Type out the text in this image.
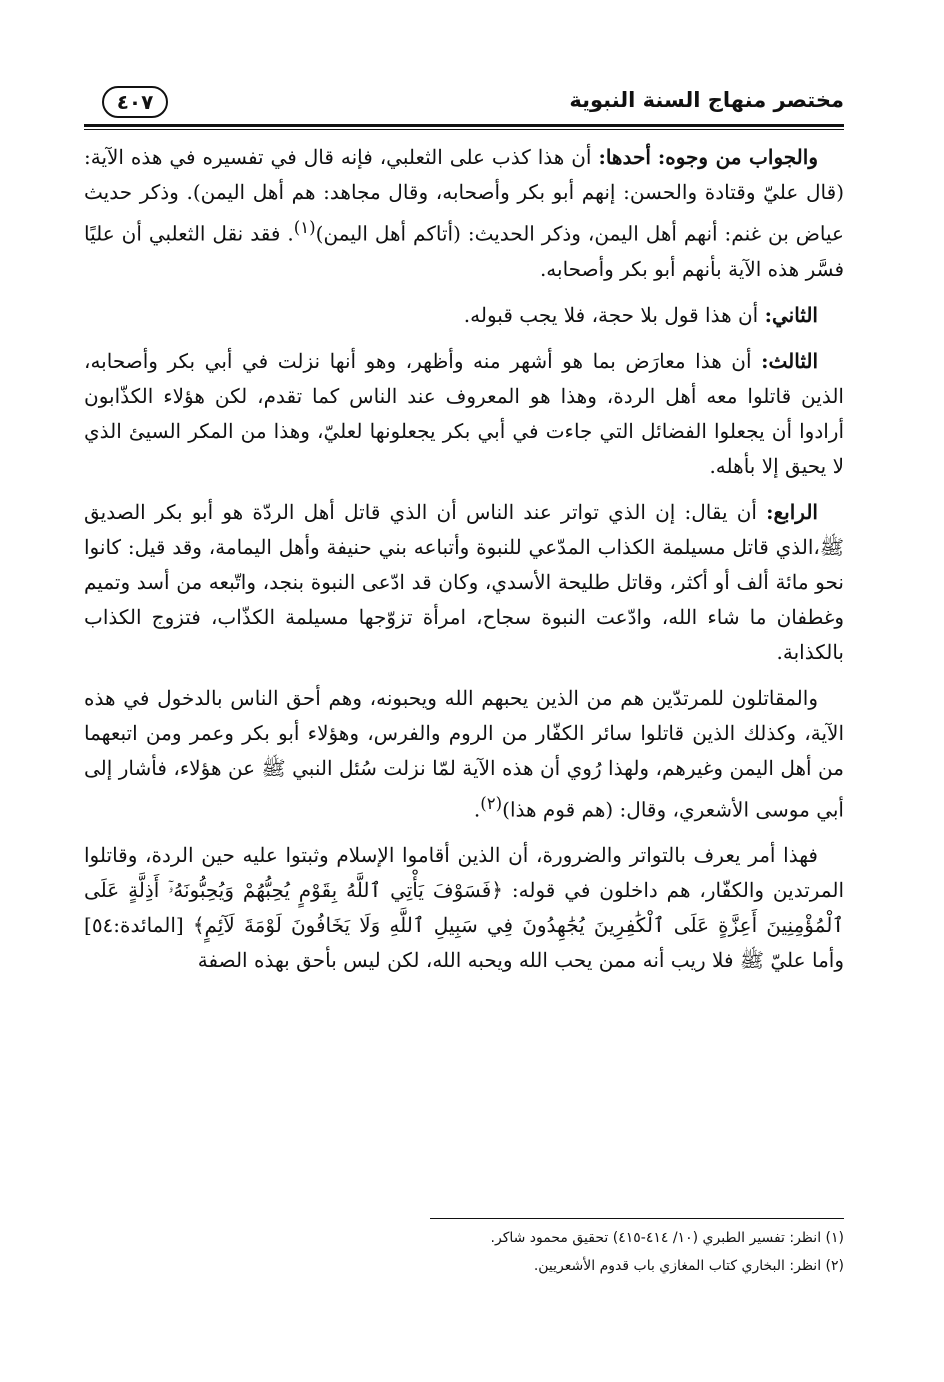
مختصر منهاج السنة النبوية
٤٠٧

والجواب من وجوه: أحدها: أن هذا كذب على الثعلبي، فإنه قال في تفسيره في هذه الآية: (قال عليّ وقتادة والحسن: إنهم أبو بكر وأصحابه، وقال مجاهد: هم أهل اليمن). وذكر حديث عياض بن غنم: أنهم أهل اليمن، وذكر الحديث: (أتاكم أهل اليمن)$^{(١)}$. فقد نقل الثعلبي أن عليًا فسَّر هذه الآية بأنهم أبو بكر وأصحابه.

الثاني: أن هذا قول بلا حجة، فلا يجب قبوله.

الثالث: أن هذا معارَض بما هو أشهر منه وأظهر، وهو أنها نزلت في أبي بكر وأصحابه، الذين قاتلوا معه أهل الردة، وهذا هو المعروف عند الناس كما تقدم، لكن هؤلاء الكذّابون أرادوا أن يجعلوا الفضائل التي جاءت في أبي بكر يجعلونها لعليّ، وهذا من المكر السيئ الذي لا يحيق إلا بأهله.

الرابع: أن يقال: إن الذي تواتر عند الناس أن الذي قاتل أهل الردّة هو أبو بكر الصديق ﷺ،الذي قاتل مسيلمة الكذاب المدّعي للنبوة وأتباعه بني حنيفة وأهل اليمامة، وقد قيل: كانوا نحو مائة ألف أو أكثر، وقاتل طليحة الأسدي، وكان قد ادّعى النبوة بنجد، واتّبعه من أسد وتميم وغطفان ما شاء الله، وادّعت النبوة سجاح، امرأة تزوّجها مسيلمة الكذّاب، فتزوج الكذاب بالكذابة.

والمقاتلون للمرتدّين هم من الذين يحبهم الله ويحبونه، وهم أحق الناس بالدخول في هذه الآية، وكذلك الذين قاتلوا سائر الكفّار من الروم والفرس، وهؤلاء أبو بكر وعمر ومن اتبعهما من أهل اليمن وغيرهم، ولهذا رُوي أن هذه الآية لمّا نزلت سُئل النبي ﷺ عن هؤلاء، فأشار إلى أبي موسى الأشعري، وقال: (هم قوم هذا)$^{(٢)}$.

فهذا أمر يعرف بالتواتر والضرورة، أن الذين أقاموا الإسلام وثبتوا عليه حين الردة، وقاتلوا المرتدين والكفّار، هم داخلون في قوله: ﴿فَسَوْفَ يَأْتِي ٱللَّهُ بِقَوْمٍ يُحِبُّهُمْ وَيُحِبُّونَهُۥٓ أَذِلَّةٍ عَلَى ٱلْمُؤْمِنِينَ أَعِزَّةٍ عَلَى ٱلْكَٰفِرِينَ يُجَٰهِدُونَ فِي سَبِيلِ ٱللَّهِ وَلَا يَخَافُونَ لَوْمَةَ لَآئِمٍ﴾ [المائدة:٥٤] وأما عليّ ﷺ فلا ريب أنه ممن يحب الله ويحبه الله، لكن ليس بأحق بهذه الصفة

(١) انظر: تفسير الطبري (١٠/ ٤١٤-٤١٥) تحقيق محمود شاكر.
(٢) انظر: البخاري كتاب المغازي باب قدوم الأشعريين.
